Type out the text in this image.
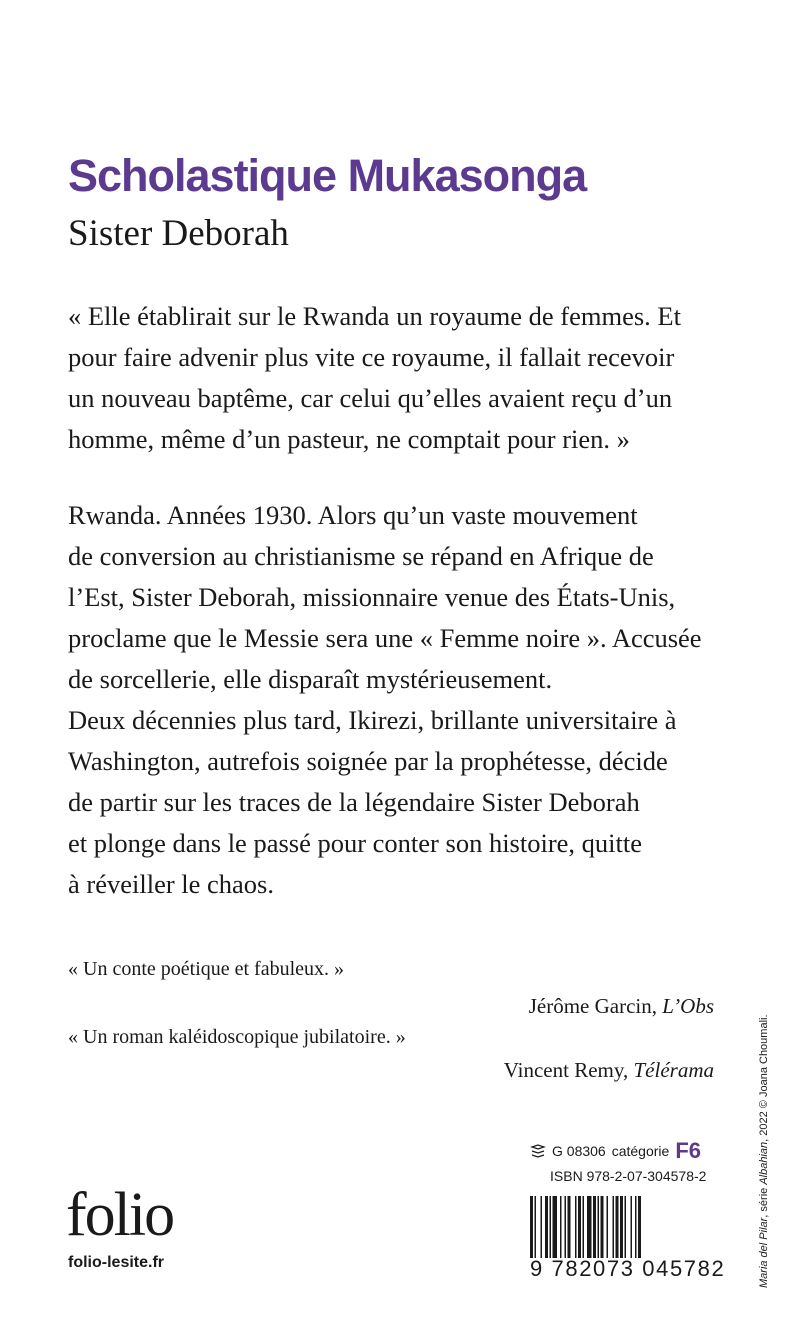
Scholastique Mukasonga
Sister Deborah

« Elle établirait sur le Rwanda un royaume de femmes. Et
pour faire advenir plus vite ce royaume, il fallait recevoir
un nouveau baptême, car celui qu’elles avaient reçu d’un
homme, même d’un pasteur, ne comptait pour rien. »

Rwanda. Années 1930. Alors qu’un vaste mouvement
de conversion au christianisme se répand en Afrique de
l’Est, Sister Deborah, missionnaire venue des États-Unis,
proclame que le Messie sera une « Femme noire ». Accusée
de sorcellerie, elle disparaît mystérieusement.
Deux décennies plus tard, Ikirezi, brillante universitaire à
Washington, autrefois soignée par la prophétesse, décide
de partir sur les traces de la légendaire Sister Deborah
et plonge dans le passé pour conter son histoire, quitte
à réveiller le chaos.

« Un conte poétique et fabuleux. »
Jérôme Garcin, L’Obs
« Un roman kaléidoscopique jubilatoire. »
Vincent Remy, Télérama
G 08306 catégorie F6
ISBN 978-2-07-304578-2
9 782073 045782
folio
folio-lesite.fr	Maria del Pilar, série Albahian, 2022 © Joana Choumali.
